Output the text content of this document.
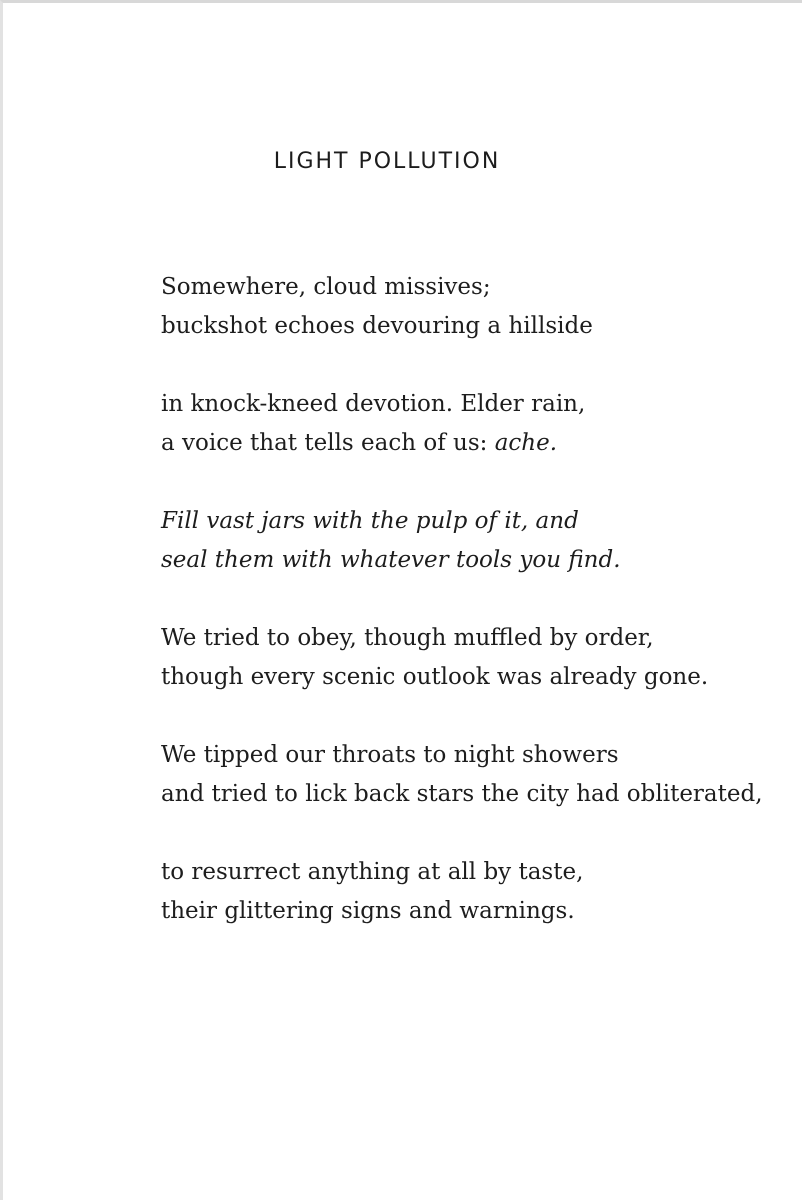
LIGHT POLLUTION
Somewhere, cloud missives;
buckshot echoes devouring a hillside
in knock-kneed devotion. Elder rain,
a voice that tells each of us: ache.
Fill vast jars with the pulp of it, and
seal them with whatever tools you find.
We tried to obey, though muffled by order,
though every scenic outlook was already gone.
We tipped our throats to night showers
and tried to lick back stars the city had obliterated,
to resurrect anything at all by taste,
their glittering signs and warnings.
